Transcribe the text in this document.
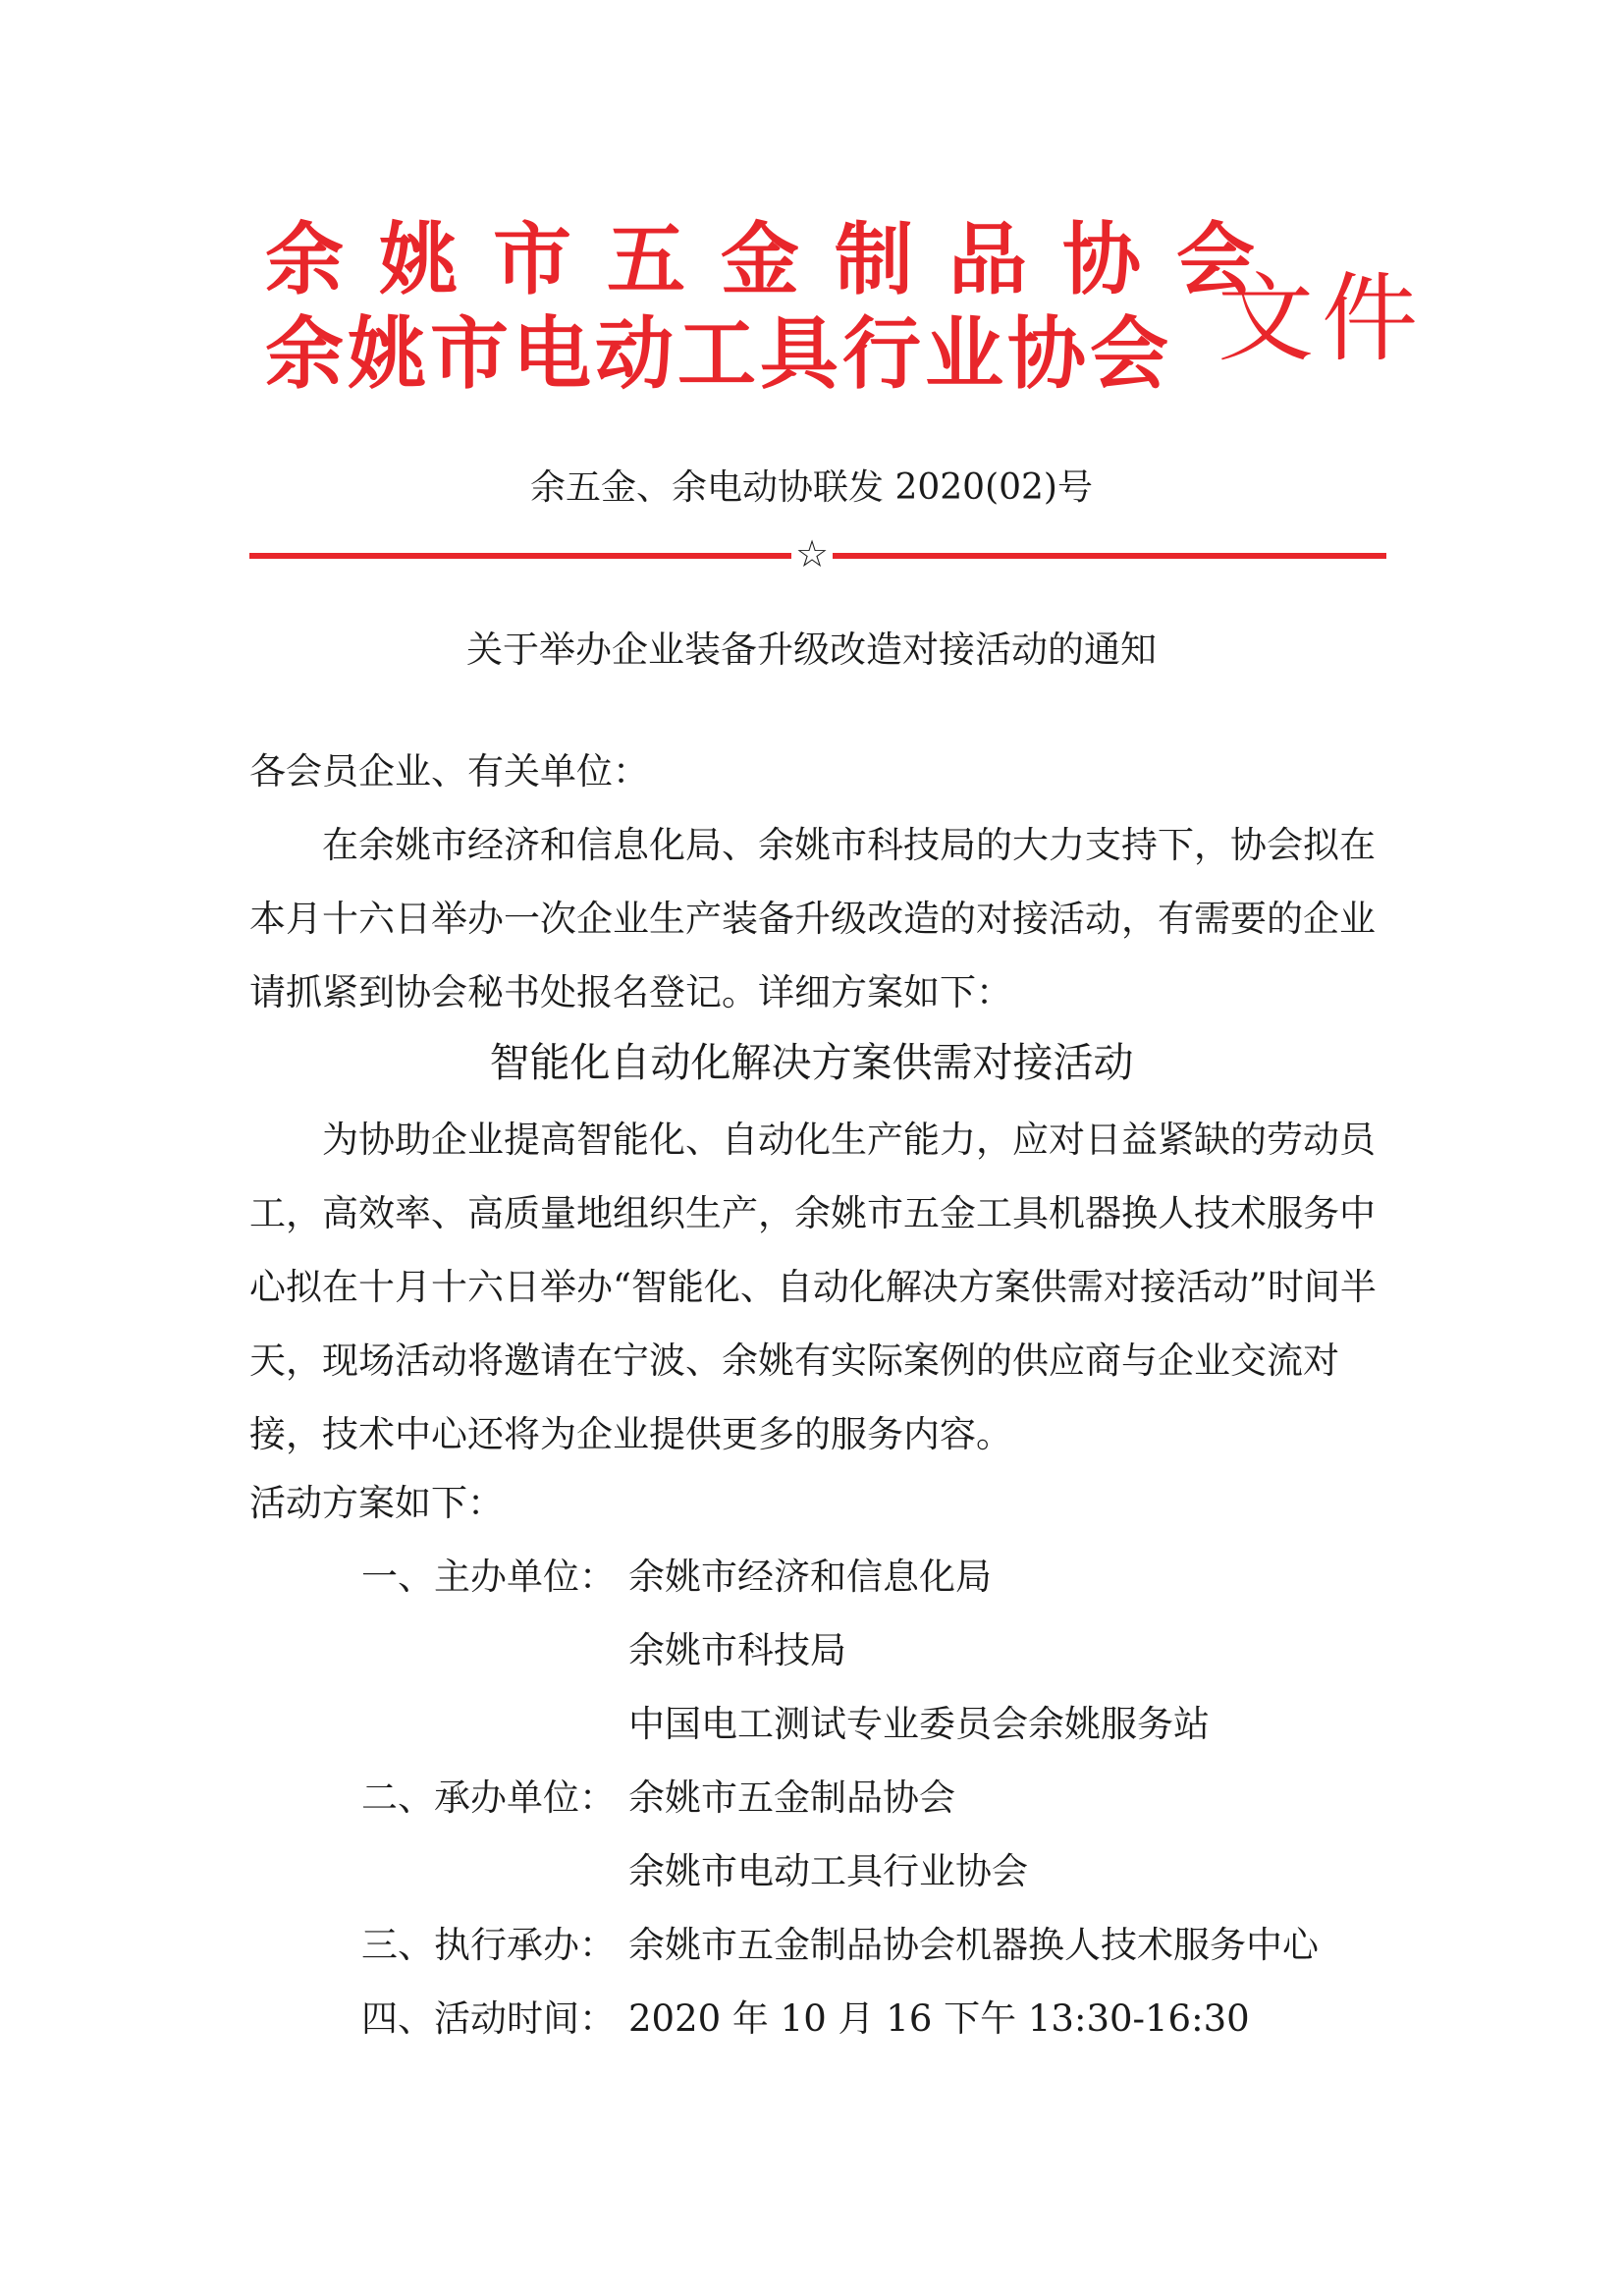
余姚市五金制品协会
余姚市电动工具行业协会 文件
余五金、余电动协联发 2020(02)号
☆
关于举办企业装备升级改造对接活动的通知
各会员企业、有关单位：

在余姚市经济和信息化局、余姚市科技局的大力支持下，协会拟在本月十六日举办一次企业生产装备升级改造的对接活动，有需要的企业请抓紧到协会秘书处报名登记。详细方案如下：

智能化自动化解决方案供需对接活动

为协助企业提高智能化、自动化生产能力，应对日益紧缺的劳动员工，高效率、高质量地组织生产，余姚市五金工具机器换人技术服务中心拟在十月十六日举办“智能化、自动化解决方案供需对接活动”时间半天，现场活动将邀请在宁波、余姚有实际案例的供应商与企业交流对接，技术中心还将为企业提供更多的服务内容。

活动方案如下：
一、主办单位： 余姚市经济和信息化局
余姚市科技局
中国电工测试专业委员会余姚服务站
二、承办单位： 余姚市五金制品协会
余姚市电动工具行业协会
三、执行承办： 余姚市五金制品协会机器换人技术服务中心
四、活动时间： 2020 年 10 月 16 下午 13:30-16:30
